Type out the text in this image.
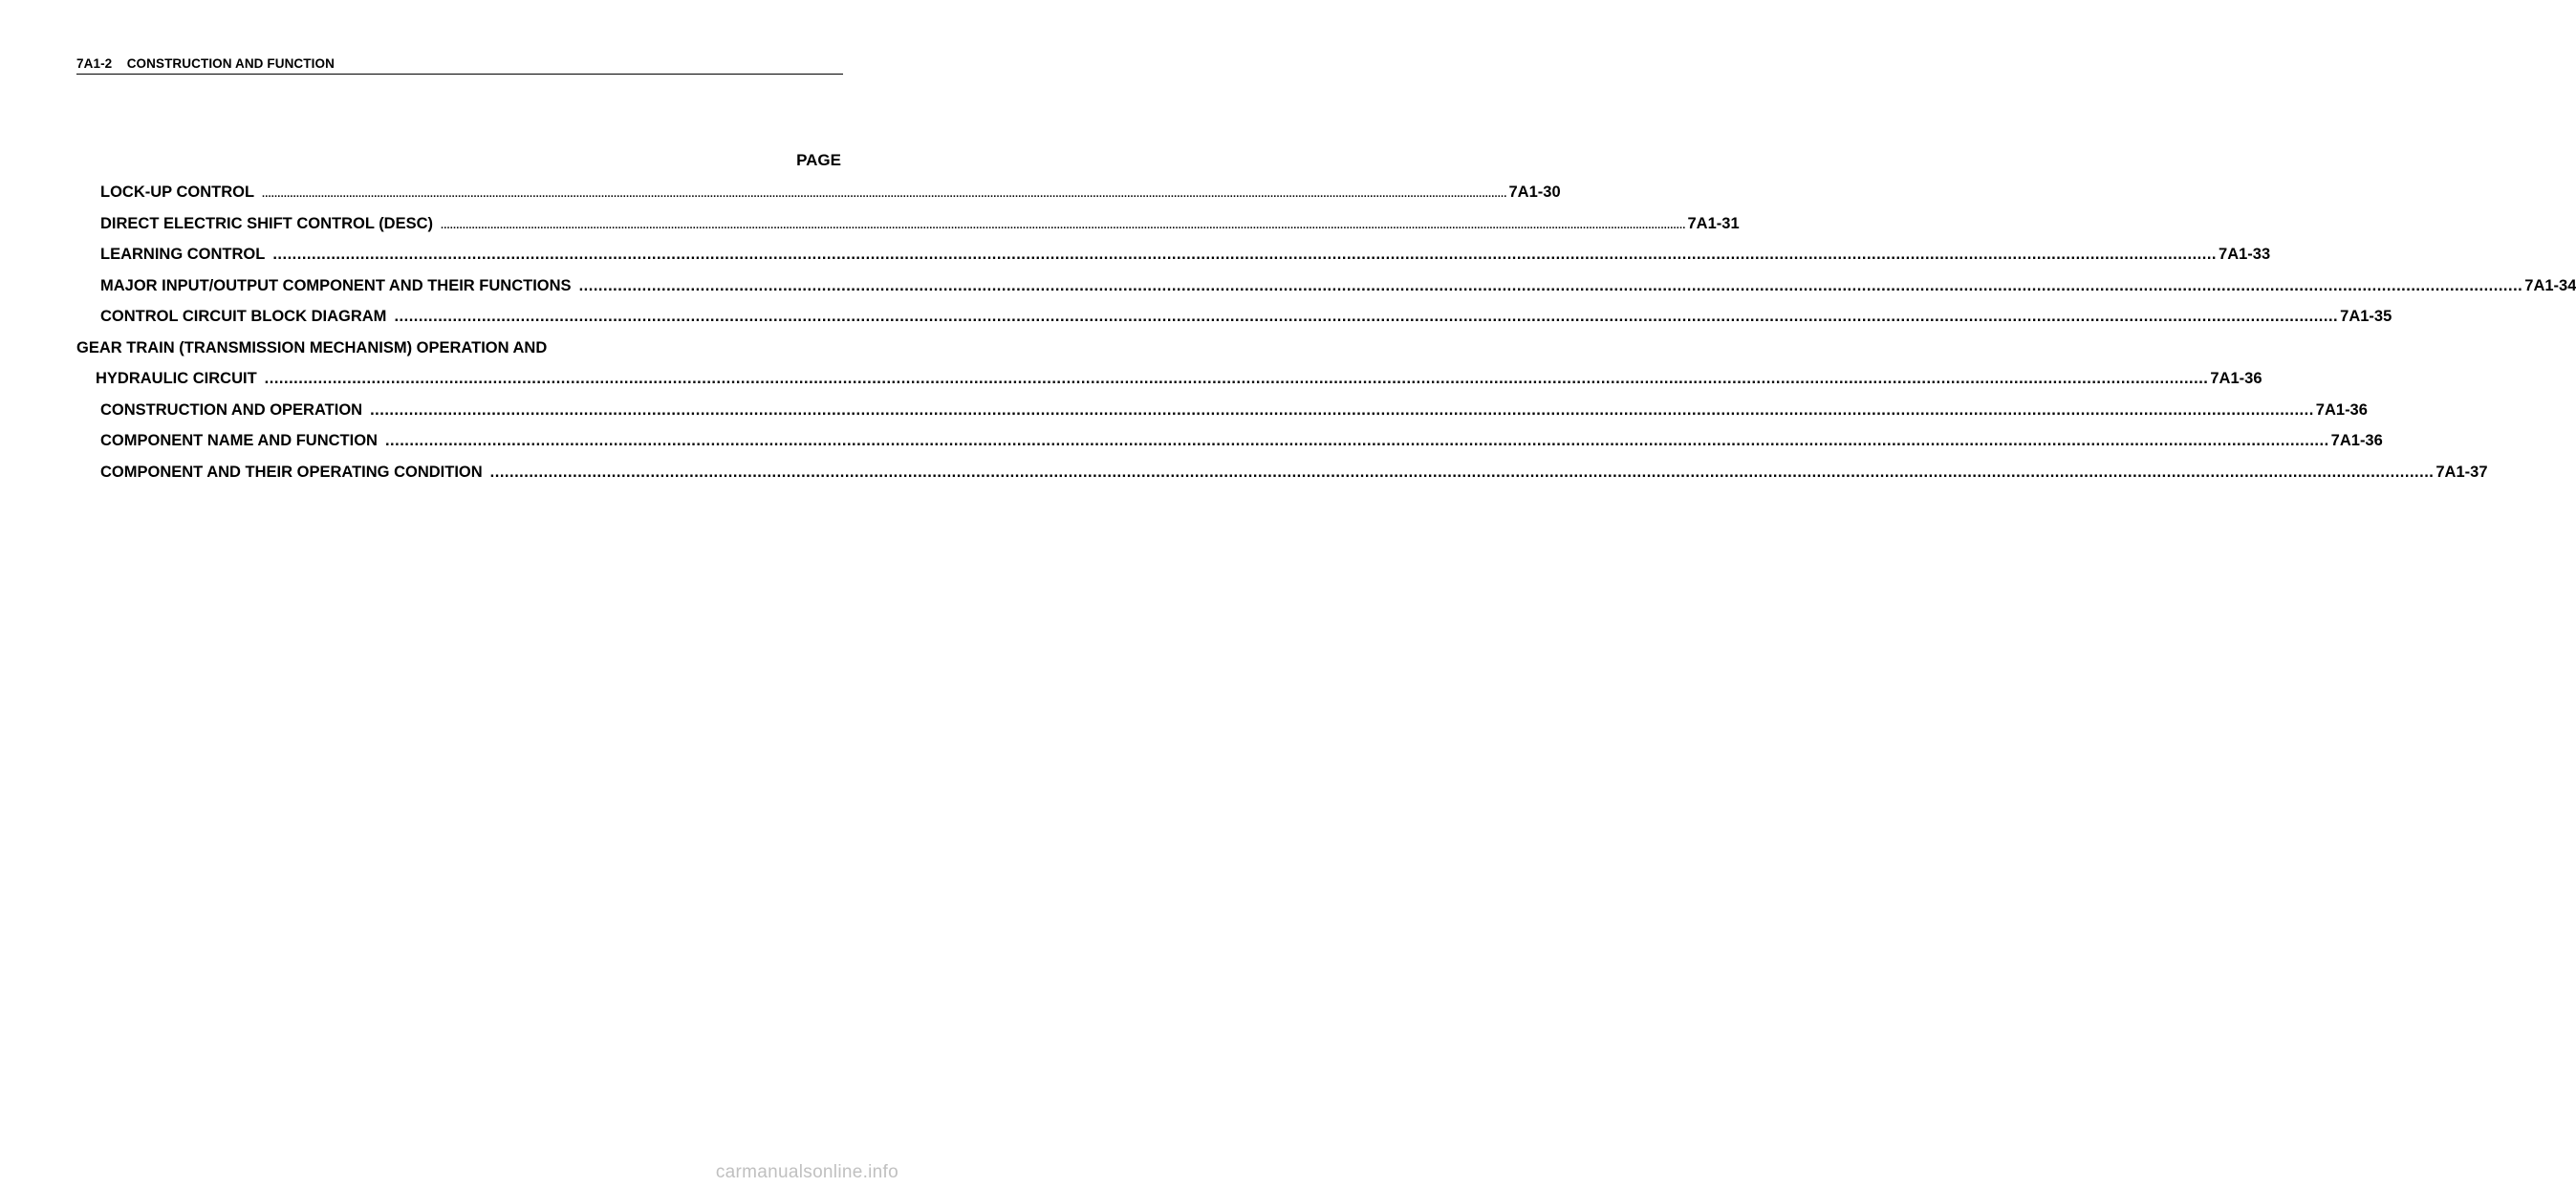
7A1-2 CONSTRUCTION AND FUNCTION
PAGE
LOCK-UP CONTROL ................................................................................................................................................................................................................................................................................................................................................................................................................ 7A1-30
DIRECT ELECTRIC SHIFT CONTROL (DESC) ................................................................................................................................................................................................................................................................................................................................................................................................................ 7A1-31
LEARNING CONTROL ................................................................................................................................................................................................................................................................................................................................................................................................................ 7A1-33
MAJOR INPUT/OUTPUT COMPONENT AND THEIR FUNCTIONS ................................................................................................................................................................................................................................................................................................................................................................................................................ 7A1-34
CONTROL CIRCUIT BLOCK DIAGRAM ................................................................................................................................................................................................................................................................................................................................................................................................................ 7A1-35
GEAR TRAIN (TRANSMISSION MECHANISM) OPERATION AND
HYDRAULIC CIRCUIT ................................................................................................................................................................................................................................................................................................................................................................................................................ 7A1-36
CONSTRUCTION AND OPERATION ................................................................................................................................................................................................................................................................................................................................................................................................................ 7A1-36
COMPONENT NAME AND FUNCTION ................................................................................................................................................................................................................................................................................................................................................................................................................ 7A1-36
COMPONENT AND THEIR OPERATING CONDITION ................................................................................................................................................................................................................................................................................................................................................................................................................ 7A1-37
carmanualsonline.info
